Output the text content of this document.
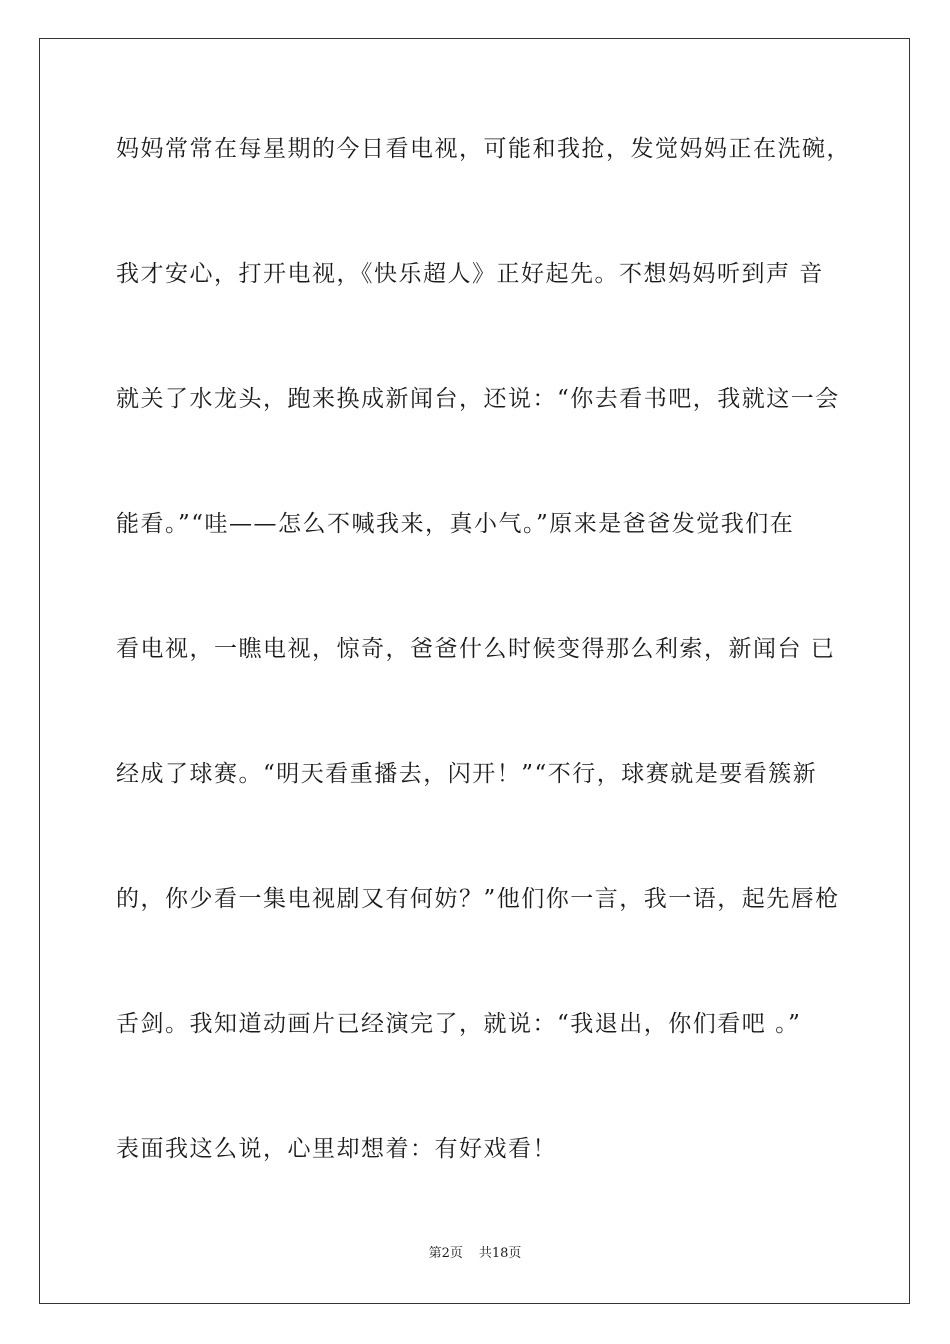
妈妈常常在每星期的今日看电视，可能和我抢，发觉妈妈正在洗碗，
我才安心，打开电视，《快乐超人》正好起先。不想妈妈听到声 音
就关了水龙头，跑来换成新闻台，还说：“你去看书吧，我就这一会
能看。”“哇——怎么不喊我来，真小气。”原来是爸爸发觉我们在
看电视，一瞧电视，惊奇，爸爸什么时候变得那么利索，新闻台 已
经成了球赛。“明天看重播去，闪开！”“不行，球赛就是要看簇新
的，你少看一集电视剧又有何妨？”他们你一言，我一语，起先唇枪
舌剑。我知道动画片已经演完了，就说：“我退出，你们看吧 。”
表面我这么说，心里却想着：有好戏看！
第2页 共18页
